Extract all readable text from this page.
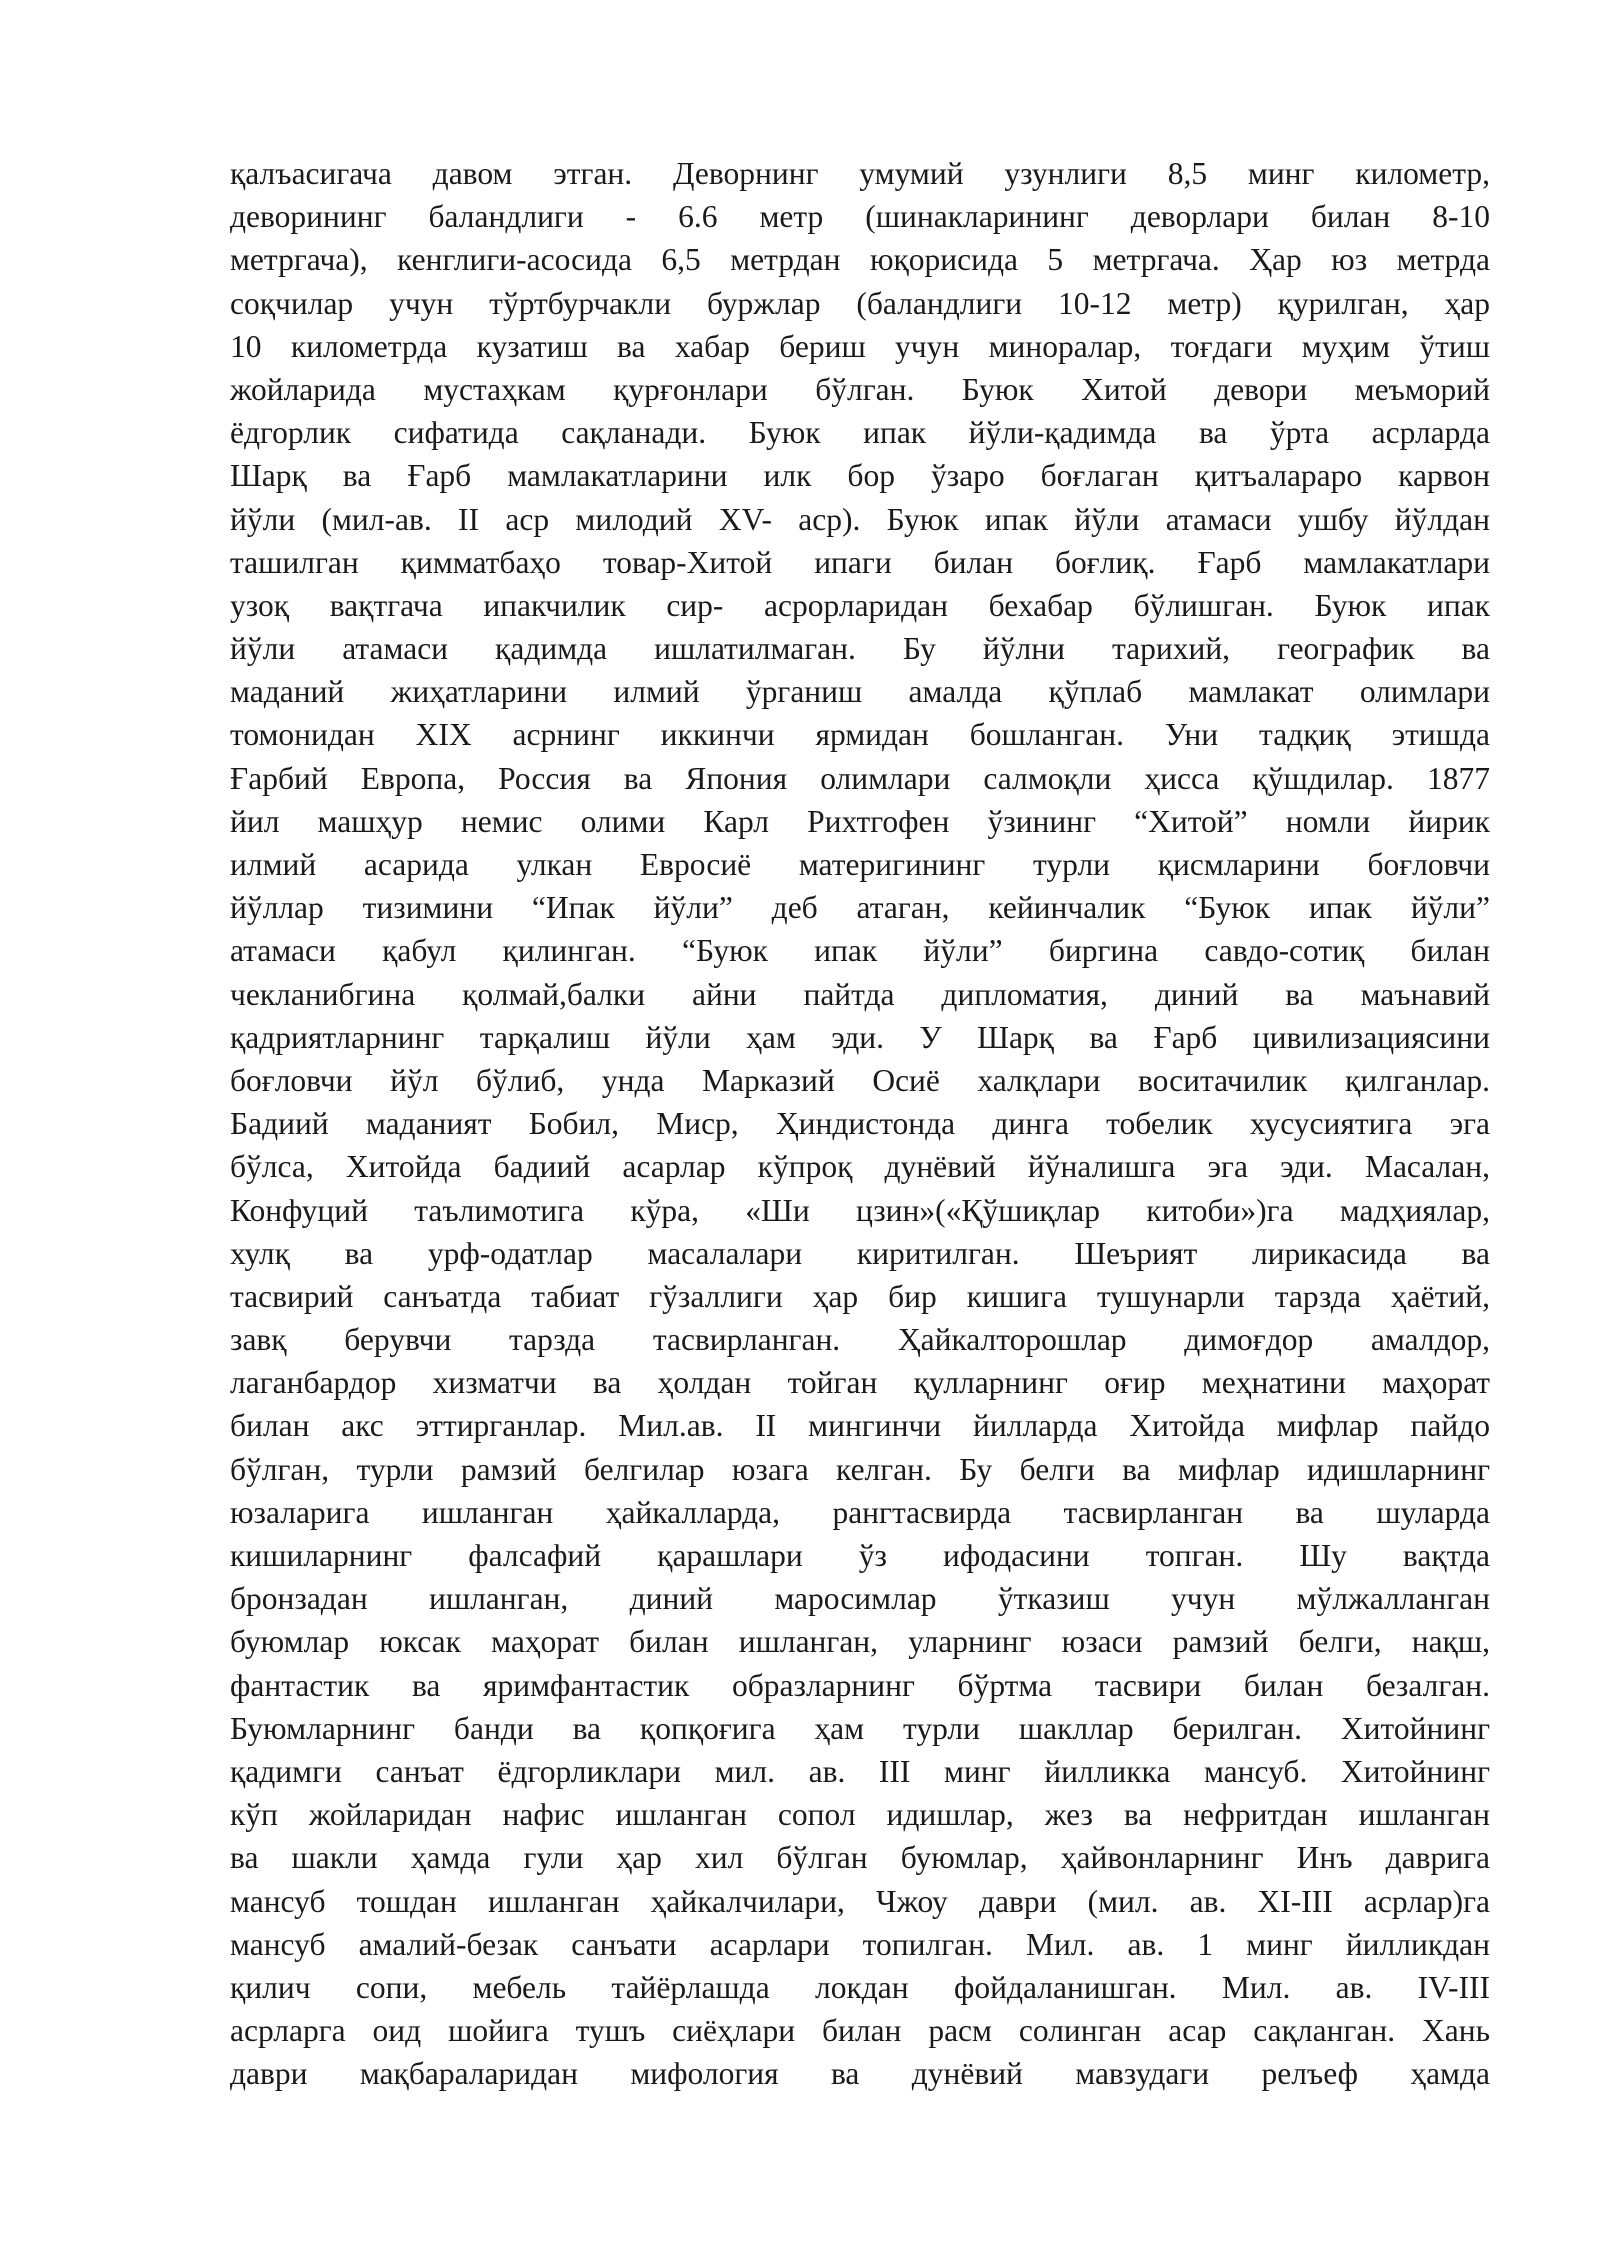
қалъасигача давом этган. Деворнинг умумий узунлиги 8,5 минг километр,
деворининг баландлиги - 6.6 метр (шинакларининг деворлари билан 8-10
метргача), кенглиги-асосида 6,5 метрдан юқорисида 5 метргача. Ҳар юз метрда
соқчилар учун тўртбурчакли буржлар (баландлиги 10-12 метр) қурилган, ҳар
10 километрда кузатиш ва хабар бериш учун миноралар, тоғдаги муҳим ўтиш
жойларида мустаҳкам қурғонлари бўлган. Буюк Хитой девори меъморий
ёдгорлик сифатида сақланади. Буюк ипак йўли-қадимда ва ўрта асрларда
Шарқ ва Ғарб мамлакатларини илк бор ўзаро боғлаган қитъалараро карвон
йўли (мил-ав. II аср милодий XV- аср). Буюк ипак йўли атамаси ушбу йўлдан
ташилган қимматбаҳо товар-Хитой ипаги билан боғлиқ. Ғарб мамлакатлари
узоқ вақтгача ипакчилик сир- асрорларидан бехабар бўлишган. Буюк ипак
йўли атамаси қадимда ишлатилмаган. Бу йўлни тарихий, географик ва
маданий жиҳатларини илмий ўрганиш амалда қўплаб мамлакат олимлари
томонидан XIX асрнинг иккинчи ярмидан бошланган. Уни тадқиқ этишда
Ғарбий Европа, Россия ва Япония олимлари салмоқли ҳисса қўшдилар. 1877
йил машҳур немис олими Карл Рихтгофен ўзининг “Хитой” номли йирик
илмий асарида улкан Евросиё материгининг турли қисмларини боғловчи
йўллар тизимини “Ипак йўли” деб атаган, кейинчалик “Буюк ипак йўли”
атамаси қабул қилинган. “Буюк ипак йўли” биргина савдо-сотиқ билан
чекланибгина қолмай,балки айни пайтда дипломатия, диний ва маънавий
қадриятларнинг тарқалиш йўли ҳам эди. У Шарқ ва Ғарб цивилизациясини
боғловчи йўл бўлиб, унда Марказий Осиё халқлари воситачилик қилганлар.
Бадиий маданият Бобил, Миср, Ҳиндистонда динга тобелик хусусиятига эга
бўлса, Хитойда бадиий асарлар кўпроқ дунёвий йўналишга эга эди. Масалан,
Конфуций таълимотига кўра, «Ши цзин»(«Қўшиқлар китоби»)га мадҳиялар,
хулқ ва урф-одатлар масалалари киритилган. Шеърият лирикасида ва
тасвирий санъатда табиат гўзаллиги ҳар бир кишига тушунарли тарзда ҳаётий,
завқ берувчи тарзда тасвирланган. Ҳайкалторошлар димоғдор амалдор,
лаганбардор хизматчи ва ҳолдан тойган қулларнинг оғир меҳнатини маҳорат
билан акс эттирганлар. Мил.ав. II мингинчи йилларда Хитойда мифлар пайдо
бўлган, турли рамзий белгилар юзага келган. Бу белги ва мифлар идишларнинг
юзаларига ишланган ҳайкалларда, рангтасвирда тасвирланган ва шуларда
кишиларнинг фалсафий қарашлари ўз ифодасини топган. Шу вақтда
бронзадан ишланган, диний маросимлар ўтказиш учун мўлжалланган
буюмлар юксак маҳорат билан ишланган, уларнинг юзаси рамзий белги, нақш,
фантастик ва яримфантастик образларнинг бўртма тасвири билан безалган.
Буюмларнинг банди ва қопқоғига ҳам турли шакллар берилган. Хитойнинг
қадимги санъат ёдгорликлари мил. ав. III минг йилликка мансуб. Хитойнинг
кўп жойларидан нафис ишланган сопол идишлар, жез ва нефритдан ишланган
ва шакли ҳамда гули ҳар хил бўлган буюмлар, ҳайвонларнинг Инъ даврига
мансуб тошдан ишланган ҳайкалчилари, Чжоу даври (мил. ав. XI-III асрлар)га
мансуб амалий-безак санъати асарлари топилган. Мил. ав. 1 минг йилликдан
қилич сопи, мебель тайёрлашда локдан фойдаланишган. Мил. ав. IV-III
асрларга оид шойига тушъ сиёҳлари билан расм солинган асар сақланган. Хань
даври мақбараларидан мифология ва дунёвий мавзудаги релъеф ҳамда
